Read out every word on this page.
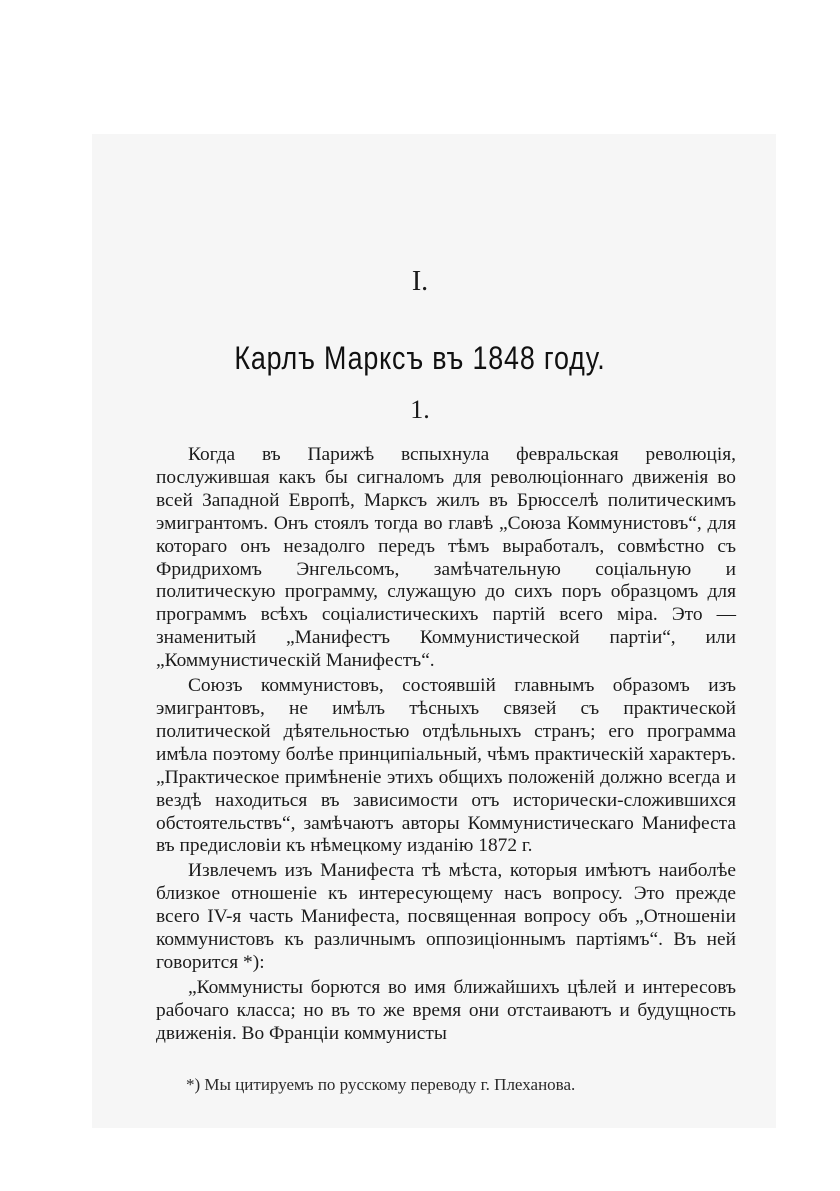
I.
Карлъ Марксъ въ 1848 году.
1.

Когда въ Парижѣ вспыхнула февральская революція, послужившая какъ бы сигналомъ для революціоннаго движенія во всей Западной Европѣ, Марксъ жилъ въ Брюсселѣ политическимъ эмигрантомъ. Онъ стоялъ тогда во главѣ „Союза Коммунистовъ“, для котораго онъ незадолго передъ тѣмъ выработалъ, совмѣстно съ Фридрихомъ Энгельсомъ, замѣчательную соціальную и политическую программу, служащую до сихъ поръ образцомъ для программъ всѣхъ соціалистическихъ партій всего міра. Это — знаменитый „Манифестъ Коммунистической партіи“, или „Коммунистическій Манифестъ“.

Союзъ коммунистовъ, состоявшій главнымъ образомъ изъ эмигрантовъ, не имѣлъ тѣсныхъ связей съ практической политической дѣятельностью отдѣльныхъ странъ; его программа имѣла поэтому болѣе принципіальный, чѣмъ практическій характеръ. „Практическое примѣненіе этихъ общихъ положеній должно всегда и вездѣ находиться въ зависимости отъ исторически-сложившихся обстоятельствъ“, замѣчаютъ авторы Коммунистическаго Манифеста въ предисловіи къ нѣмецкому изданію 1872 г.

Извлечемъ изъ Манифеста тѣ мѣста, которыя имѣютъ наиболѣе близкое отношеніе къ интересующему насъ вопросу. Это прежде всего IV-я часть Манифеста, посвященная вопросу объ „Отношеніи коммунистовъ къ различнымъ оппозиціоннымъ партіямъ“. Въ ней говорится *):

„Коммунисты борются во имя ближайшихъ цѣлей и интересовъ рабочаго класса; но въ то же время они отстаиваютъ и будущность движенія. Во Франціи коммунисты

*) Мы цитируемъ по русскому переводу г. Плеханова.
